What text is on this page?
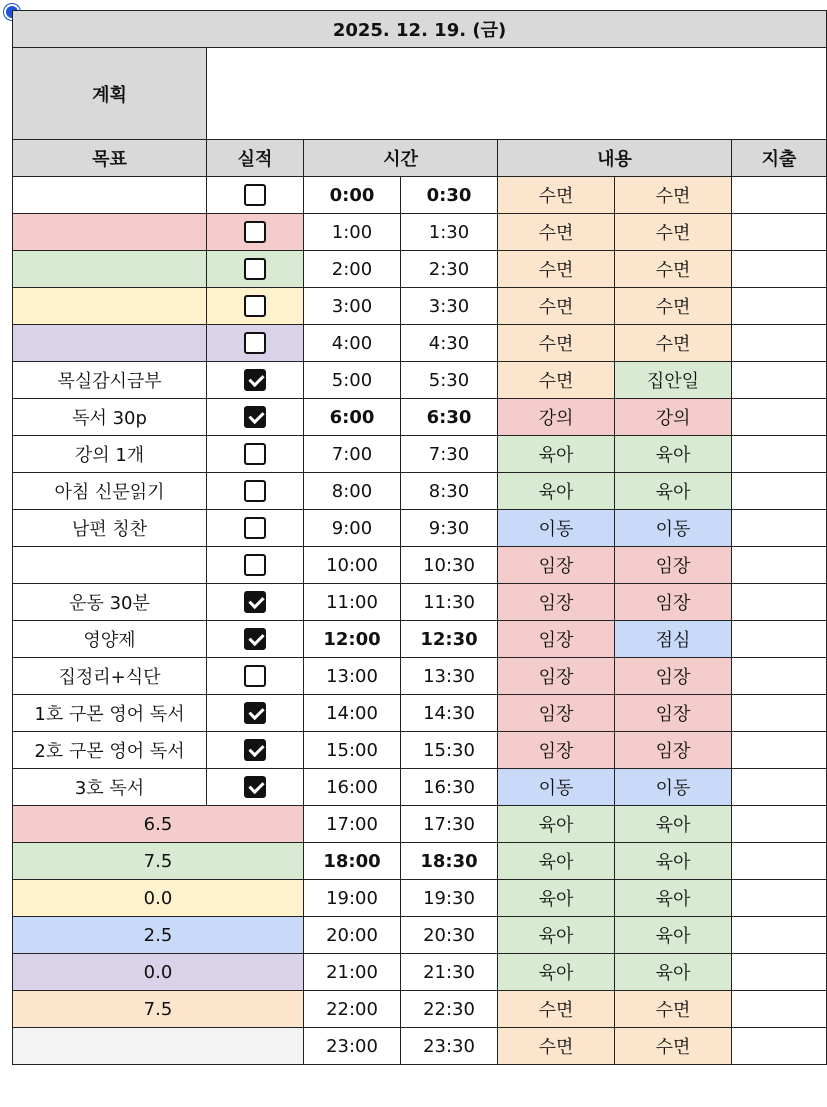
2025. 12. 19. (금)						
계획						
목표	실적	시간		내용		지출
		0:00	0:30	수면	수면	
		1:00	1:30	수면	수면	
		2:00	2:30	수면	수면	
		3:00	3:30	수면	수면	
		4:00	4:30	수면	수면	
목실감시금부		5:00	5:30	수면	집안일	
독서 30p		6:00	6:30	강의	강의	
강의 1개		7:00	7:30	육아	육아	
아침 신문읽기		8:00	8:30	육아	육아	
남편 칭찬		9:00	9:30	이동	이동	
		10:00	10:30	임장	임장	
운동 30분		11:00	11:30	임장	임장	
영양제		12:00	12:30	임장	점심	
집정리+식단		13:00	13:30	임장	임장	
1호 구몬 영어 독서		14:00	14:30	임장	임장	
2호 구몬 영어 독서		15:00	15:30	임장	임장	
3호 독서		16:00	16:30	이동	이동	
6.5		17:00	17:30	육아	육아	
7.5		18:00	18:30	육아	육아	
0.0		19:00	19:30	육아	육아	
2.5		20:00	20:30	육아	육아	
0.0		21:00	21:30	육아	육아	
7.5		22:00	22:30	수면	수면	
		23:00	23:30	수면	수면	
